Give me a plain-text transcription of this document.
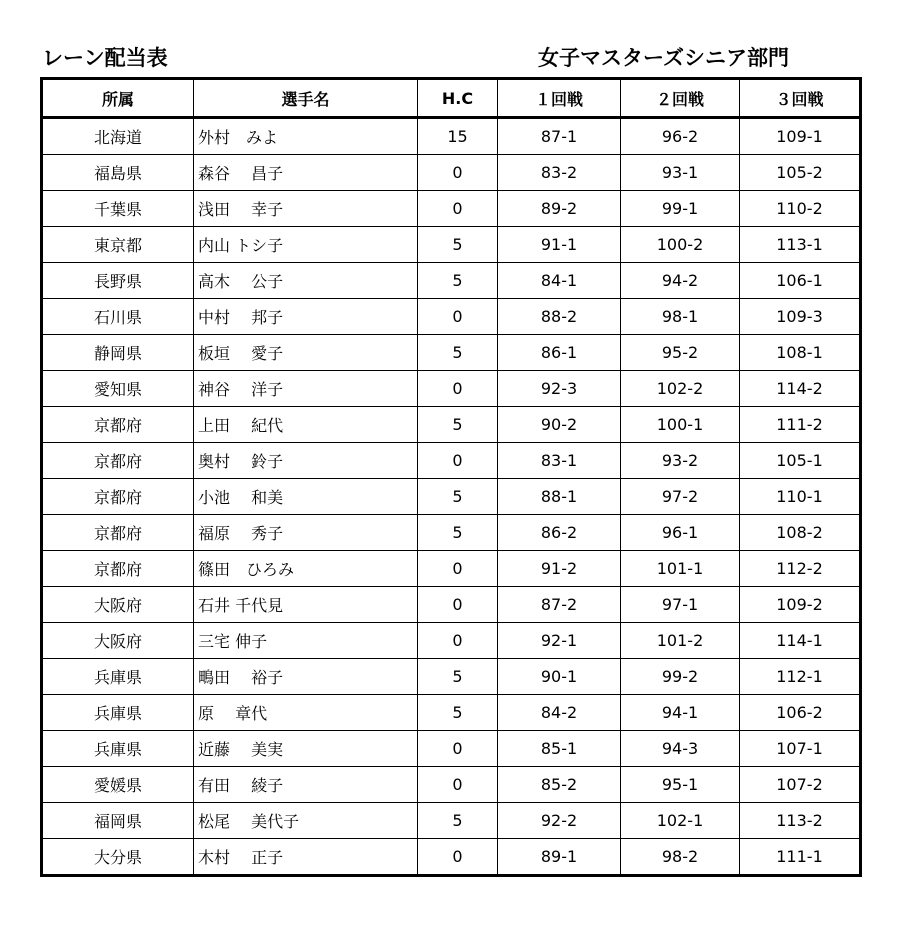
レーン配当表	女子マスターズシニア部門
所属	選手名	H.C	１回戦	２回戦	３回戦
北海道	外村　みよ	15	87-1	96-2	109-1
福島県	森谷　 昌子	0	83-2	93-1	105-2
千葉県	浅田　 幸子	0	89-2	99-1	110-2
東京都	内山 トシ子	5	91-1	100-2	113-1
長野県	高木　 公子	5	84-1	94-2	106-1
石川県	中村　 邦子	0	88-2	98-1	109-3
静岡県	板垣　 愛子	5	86-1	95-2	108-1
愛知県	神谷　 洋子	0	92-3	102-2	114-2
京都府	上田　 紀代	5	90-2	100-1	111-2
京都府	奥村　 鈴子	0	83-1	93-2	105-1
京都府	小池　 和美	5	88-1	97-2	110-1
京都府	福原　 秀子	5	86-2	96-1	108-2
京都府	篠田　ひろみ	0	91-2	101-1	112-2
大阪府	石井 千代見	0	87-2	97-1	109-2
大阪府	三宅 伸子	0	92-1	101-2	114-1
兵庫県	鴫田　 裕子	5	90-1	99-2	112-1
兵庫県	原　 章代	5	84-2	94-1	106-2
兵庫県	近藤　 美実	0	85-1	94-3	107-1
愛媛県	有田　 綾子	0	85-2	95-1	107-2
福岡県	松尾　 美代子	5	92-2	102-1	113-2
大分県	木村　 正子	0	89-1	98-2	111-1
